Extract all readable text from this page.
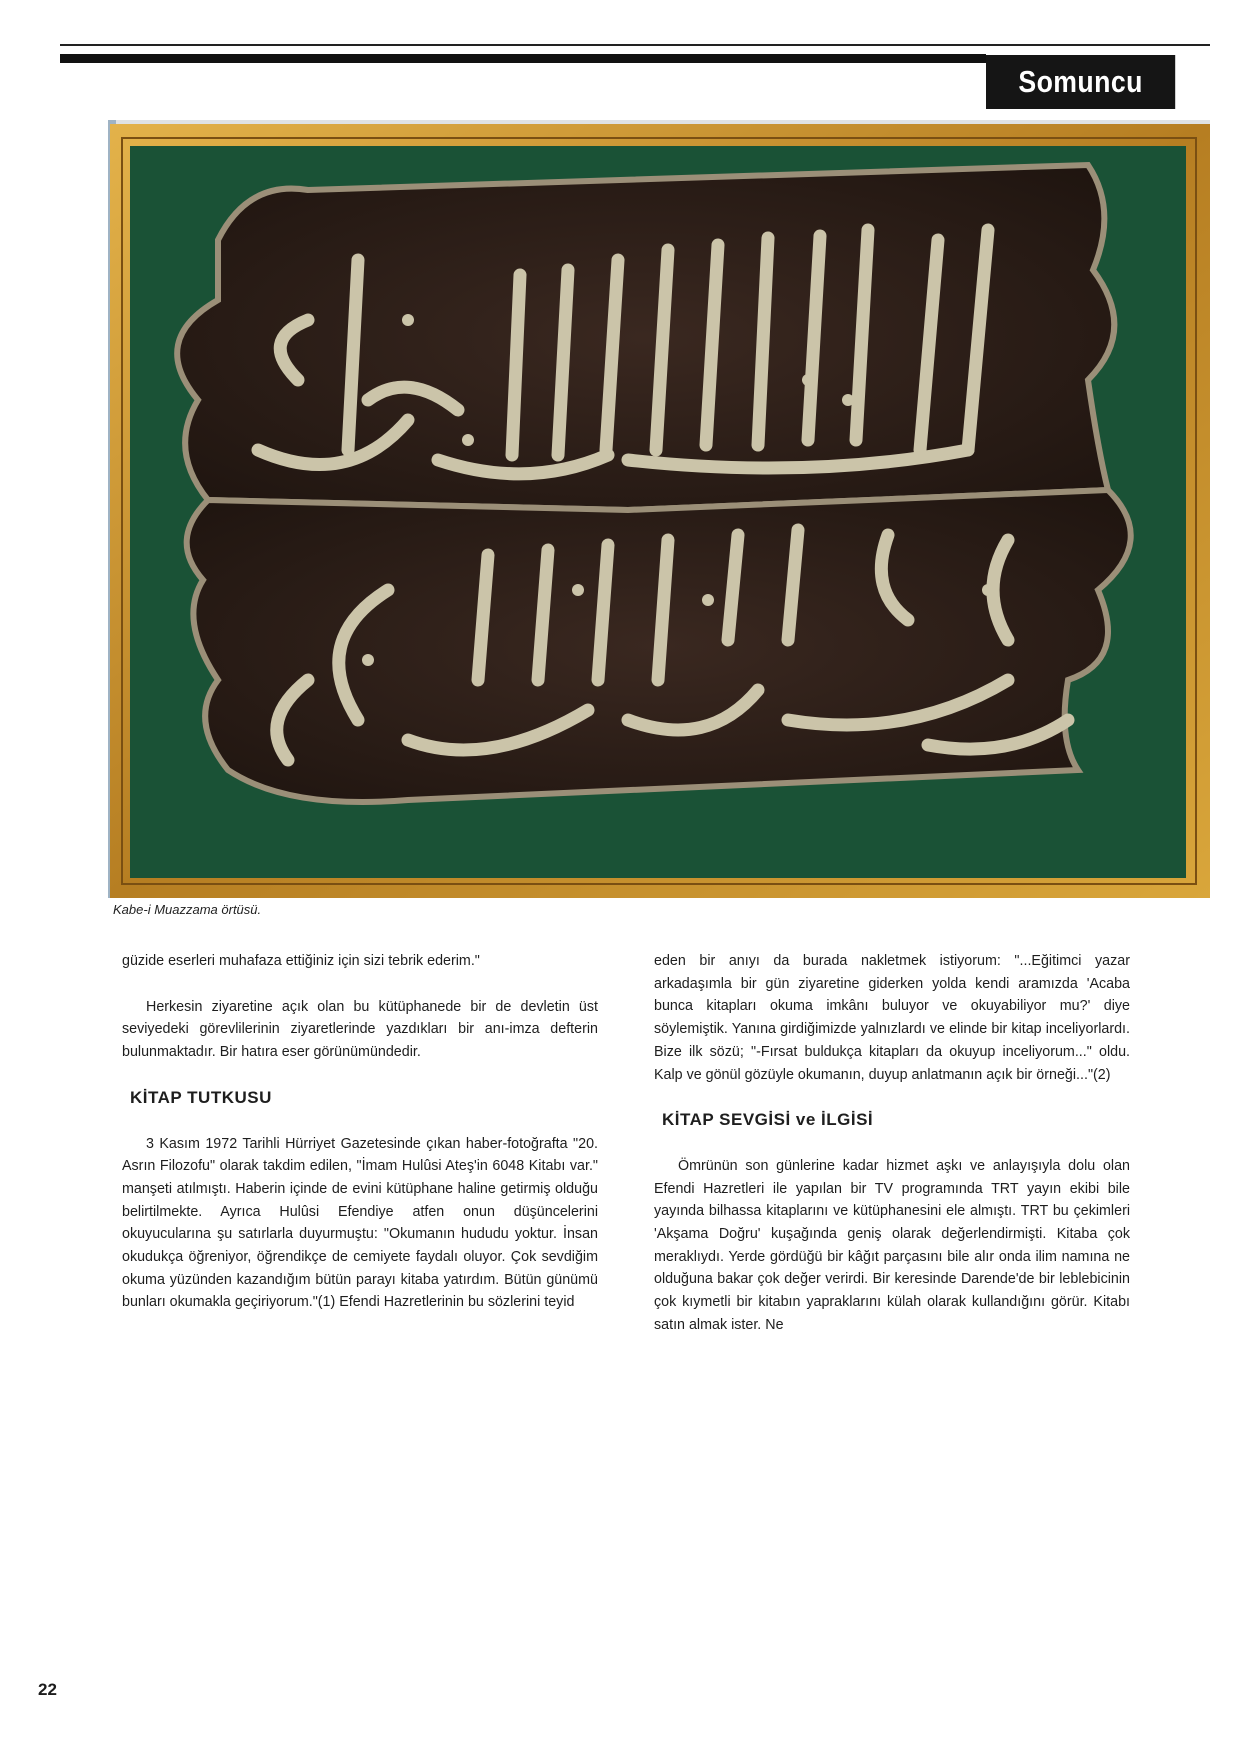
Somuncu
Kabe-i Muazzama örtüsü.

güzide eserleri muhafaza ettiğiniz için sizi tebrik ederim."

Herkesin ziyaretine açık olan bu kütüphanede bir de devletin üst seviyedeki görevlilerinin ziyaretlerinde yazdıkları bir anı-imza defterin bulunmaktadır. Bir hatıra eser görünümündedir.

KİTAP TUTKUSU

3 Kasım 1972 Tarihli Hürriyet Gazetesinde çıkan haber-fotoğrafta "20. Asrın Filozofu" olarak takdim edilen, "İmam Hulûsi Ateş'in 6048 Kitabı var." manşeti atılmıştı. Haberin içinde de evini kütüphane haline getirmiş olduğu belirtilmekte. Ayrıca Hulûsi Efendiye atfen onun düşüncelerini okuyucularına şu satırlarla duyurmuştu: "Okumanın hududu yoktur. İnsan okudukça öğreniyor, öğrendikçe de cemiyete faydalı oluyor. Çok sevdiğim okuma yüzünden kazandığım bütün parayı kitaba yatırdım. Bütün günümü bunları okumakla geçiriyorum."(1) Efendi Hazretlerinin bu sözlerini teyid

eden bir anıyı da burada nakletmek istiyorum: "...Eğitimci yazar arkadaşımla bir gün ziyaretine giderken yolda kendi aramızda 'Acaba bunca kitapları okuma imkânı buluyor ve okuyabiliyor mu?' diye söylemiştik. Yanına girdiğimizde yalnızlardı ve elinde bir kitap inceliyorlardı. Bize ilk sözü; "-Fırsat buldukça kitapları da okuyup inceliyorum..." oldu. Kalp ve gönül gözüyle okumanın, duyup anlatmanın açık bir örneği..."(2)

KİTAP SEVGİSİ ve İLGİSİ

Ömrünün son günlerine kadar hizmet aşkı ve anlayışıyla dolu olan Efendi Hazretleri ile yapılan bir TV programında TRT yayın ekibi bile yayında bilhassa kitaplarını ve kütüphanesini ele almıştı. TRT bu çekimleri 'Akşama Doğru' kuşağında geniş olarak değerlendirmişti. Kitaba çok meraklıydı. Yerde gördüğü bir kâğıt parçasını bile alır onda ilim namına ne olduğuna bakar çok değer verirdi. Bir keresinde Darende'de bir leblebicinin çok kıymetli bir kitabın yapraklarını külah olarak kullandığını görür. Kitabı satın almak ister. Ne

22
